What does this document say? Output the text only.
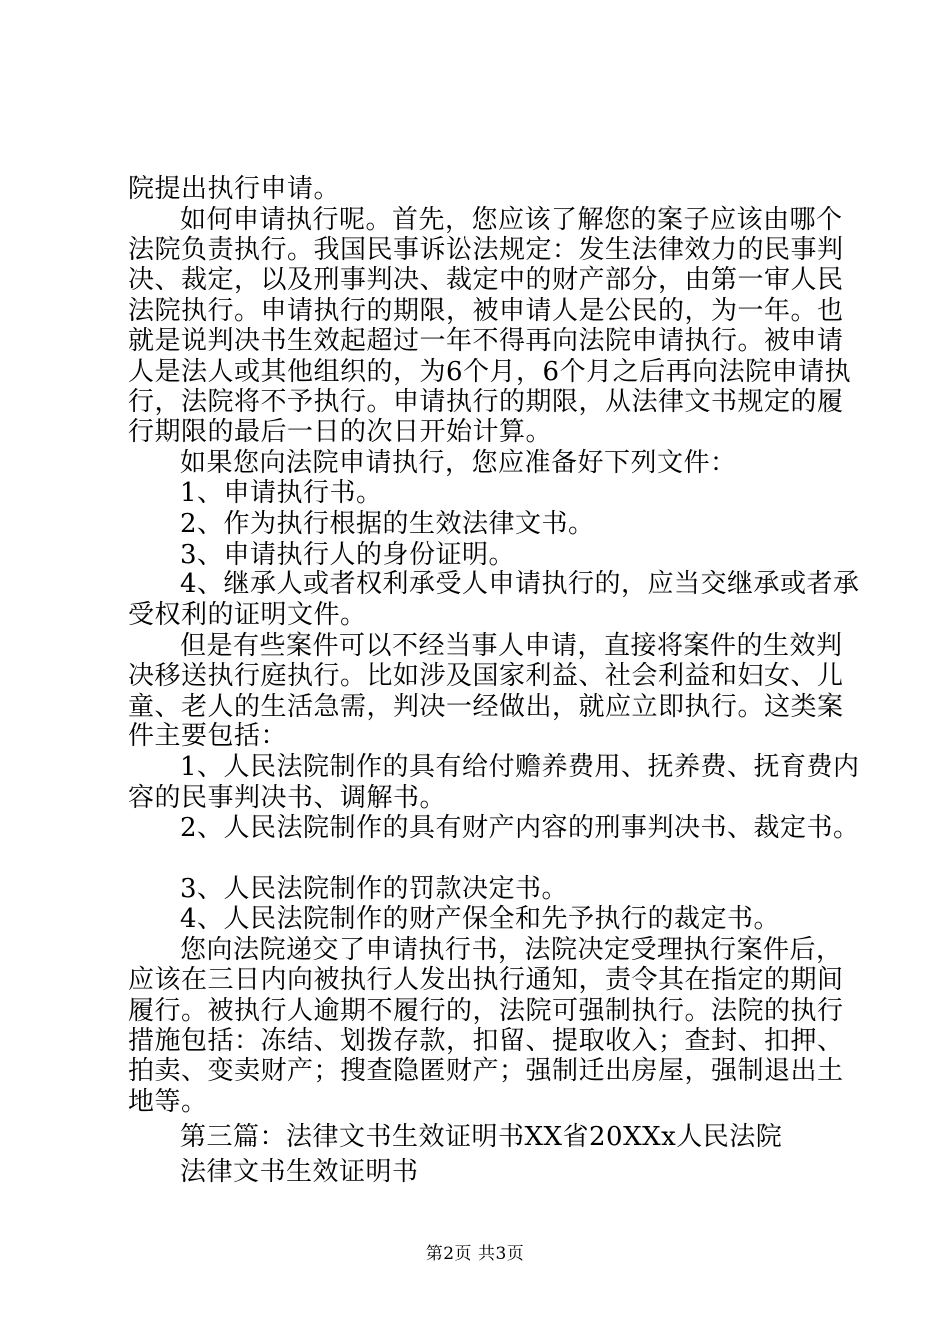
院提出执行申请。
如何申请执行呢。首先，您应该了解您的案子应该由哪个
法院负责执行。我国民事诉讼法规定：发生法律效力的民事判
决、裁定，以及刑事判决、裁定中的财产部分，由第一审人民
法院执行。申请执行的期限，被申请人是公民的，为一年。也
就是说判决书生效起超过一年不得再向法院申请执行。被申请
人是法人或其他组织的，为6个月，6个月之后再向法院申请执
行，法院将不予执行。申请执行的期限，从法律文书规定的履
行期限的最后一日的次日开始计算。
如果您向法院申请执行，您应准备好下列文件：
1、申请执行书。
2、作为执行根据的生效法律文书。
3、申请执行人的身份证明。
4、继承人或者权利承受人申请执行的，应当交继承或者承
受权利的证明文件。
但是有些案件可以不经当事人申请，直接将案件的生效判
决移送执行庭执行。比如涉及国家利益、社会利益和妇女、儿
童、老人的生活急需，判决一经做出，就应立即执行。这类案
件主要包括：
1、人民法院制作的具有给付赡养费用、抚养费、抚育费内
容的民事判决书、调解书。
2、人民法院制作的具有财产内容的刑事判决书、裁定书。
3、人民法院制作的罚款决定书。
4、人民法院制作的财产保全和先予执行的裁定书。
您向法院递交了申请执行书，法院决定受理执行案件后，
应该在三日内向被执行人发出执行通知，责令其在指定的期间
履行。被执行人逾期不履行的，法院可强制执行。法院的执行
措施包括：冻结、划拨存款，扣留、提取收入；查封、扣押、
拍卖、变卖财产；搜查隐匿财产；强制迁出房屋，强制退出土
地等。
第三篇：法律文书生效证明书XX省20XXx人民法院
法律文书生效证明书
第2页 共3页
